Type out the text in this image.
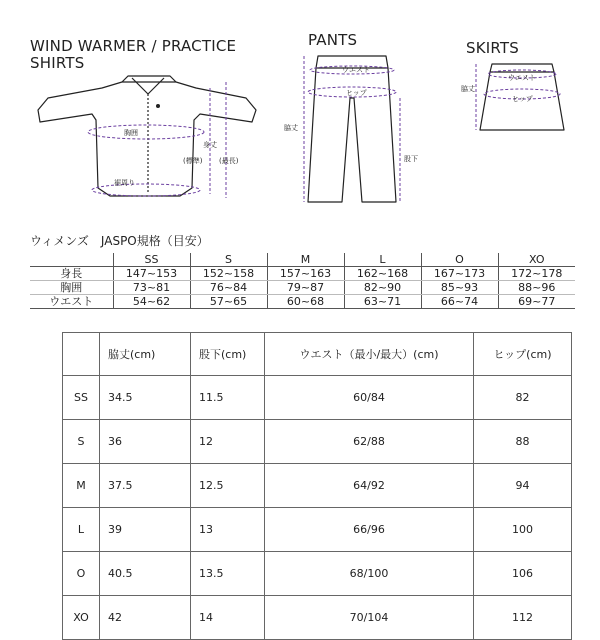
WIND WARMER / PRACTICE
SHIRTS
PANTS	SKIRTS
胸囲
身丈
(標準) (最長)
裾周り
ウエスト
ヒップ
脇丈
股下
脇丈
ウエスト
ヒップ
ウィメンズ　JASPO規格（目安）
	SS	S	M	L	O	XO
身長	147~153	152~158	157~163	162~168	167~173	172~178
胸囲	73~81	76~84	79~87	82~90	85~93	88~96
ウエスト	54~62	57~65	60~68	63~71	66~74	69~77
	脇丈(cm)	股下(cm)	ウエスト（最小/最大）(cm)	ヒップ(cm)
SS	34.5	11.5	60/84	82
S	36	12	62/88	88
M	37.5	12.5	64/92	94
L	39	13	66/96	100
O	40.5	13.5	68/100	106
XO	42	14	70/104	112
